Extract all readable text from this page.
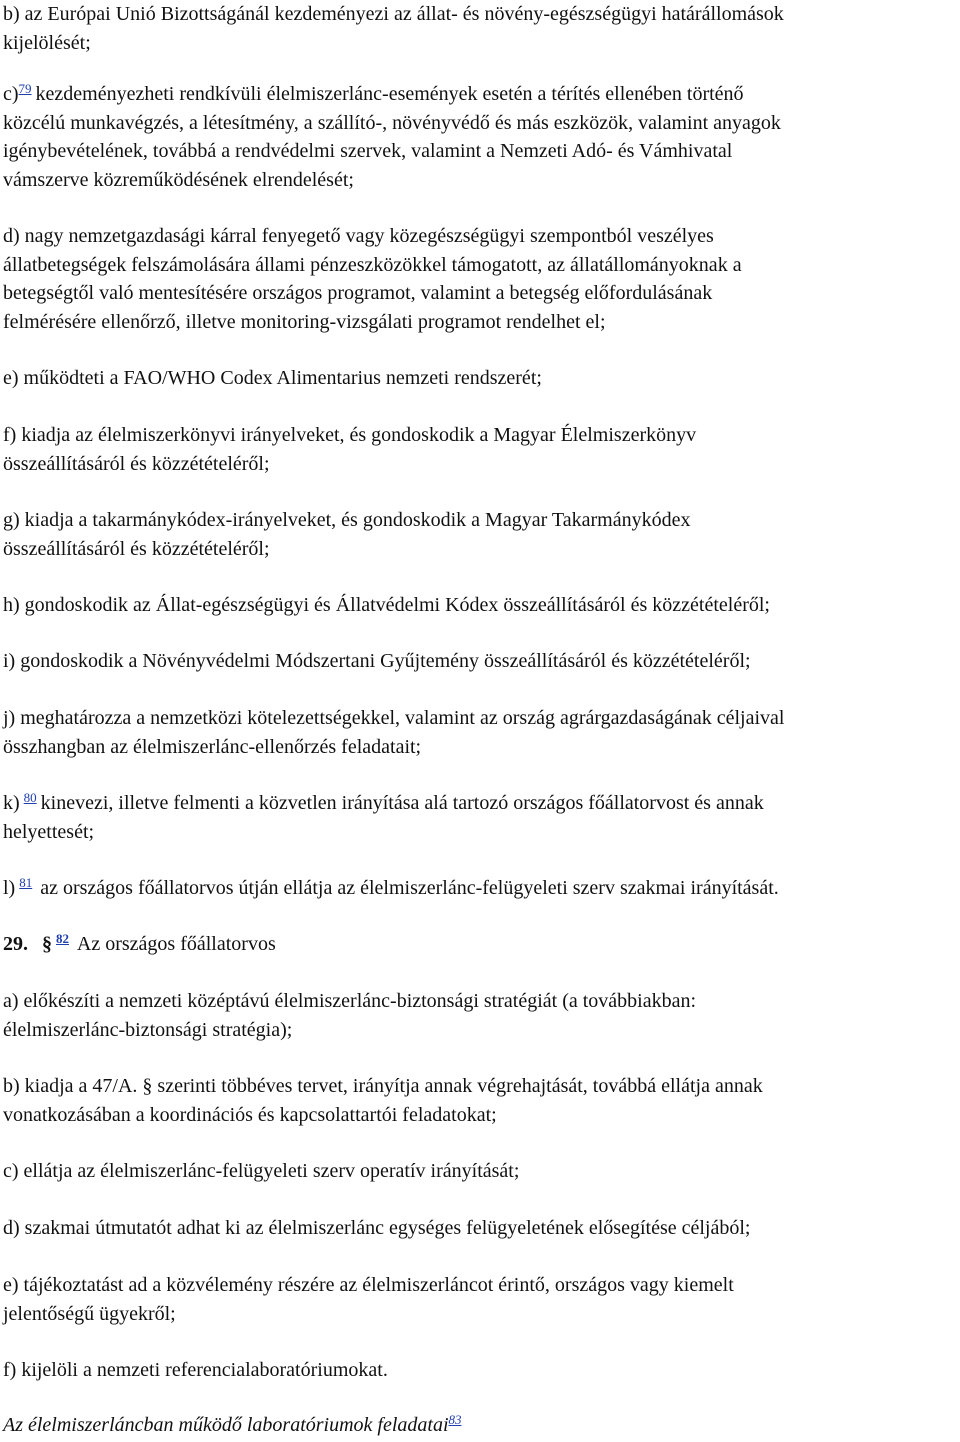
b) az Európai Unió Bizottságánál kezdeményezi az állat- és növény-egészségügyi határállomások
kijelölését;
c)$^{79}$ kezdeményezheti rendkívüli élelmiszerlánc-események esetén a térítés ellenében történő
közcélú munkavégzés, a létesítmény, a szállító-, növényvédő és más eszközök, valamint anyagok
igénybevételének, továbbá a rendvédelmi szervek, valamint a Nemzeti Adó- és Vámhivatal
vámszerve közreműködésének elrendelését;
d) nagy nemzetgazdasági kárral fenyegető vagy közegészségügyi szempontból veszélyes
állatbetegségek felszámolására állami pénzeszközökkel támogatott, az állatállományoknak a
betegségtől való mentesítésére országos programot, valamint a betegség előfordulásának
felmérésére ellenőrző, illetve monitoring-vizsgálati programot rendelhet el;
e) működteti a FAO/WHO Codex Alimentarius nemzeti rendszerét;
f) kiadja az élelmiszerkönyvi irányelveket, és gondoskodik a Magyar Élelmiszerkönyv
összeállításáról és közzétételéről;
g) kiadja a takarmánykódex-irányelveket, és gondoskodik a Magyar Takarmánykódex
összeállításáról és közzétételéről;
h) gondoskodik az Állat-egészségügyi és Állatvédelmi Kódex összeállításáról és közzétételéről;
i) gondoskodik a Növényvédelmi Módszertani Gyűjtemény összeállításáról és közzétételéről;
j) meghatározza a nemzetközi kötelezettségekkel, valamint az ország agrárgazdaságának céljaival
összhangban az élelmiszerlánc-ellenőrzés feladatait;
k) $^{80}$ kinevezi, illetve felmenti a közvetlen irányítása alá tartozó országos főállatorvost és annak
helyettesét;
l) $^{81}$ az országos főállatorvos útján ellátja az élelmiszerlánc-felügyeleti szerv szakmai irányítását.
29. § $^{82}$ Az országos főállatorvos
a) előkészíti a nemzeti középtávú élelmiszerlánc-biztonsági stratégiát (a továbbiakban:
élelmiszerlánc-biztonsági stratégia);
b) kiadja a 47/A. § szerinti többéves tervet, irányítja annak végrehajtását, továbbá ellátja annak
vonatkozásában a koordinációs és kapcsolattartói feladatokat;
c) ellátja az élelmiszerlánc-felügyeleti szerv operatív irányítását;
d) szakmai útmutatót adhat ki az élelmiszerlánc egységes felügyeletének elősegítése céljából;
e) tájékoztatást ad a közvélemény részére az élelmiszerláncot érintő, országos vagy kiemelt
jelentőségű ügyekről;
f) kijelöli a nemzeti referencialaboratóriumokat.
Az élelmiszerláncban működő laboratóriumok feladatai$^{83}$
